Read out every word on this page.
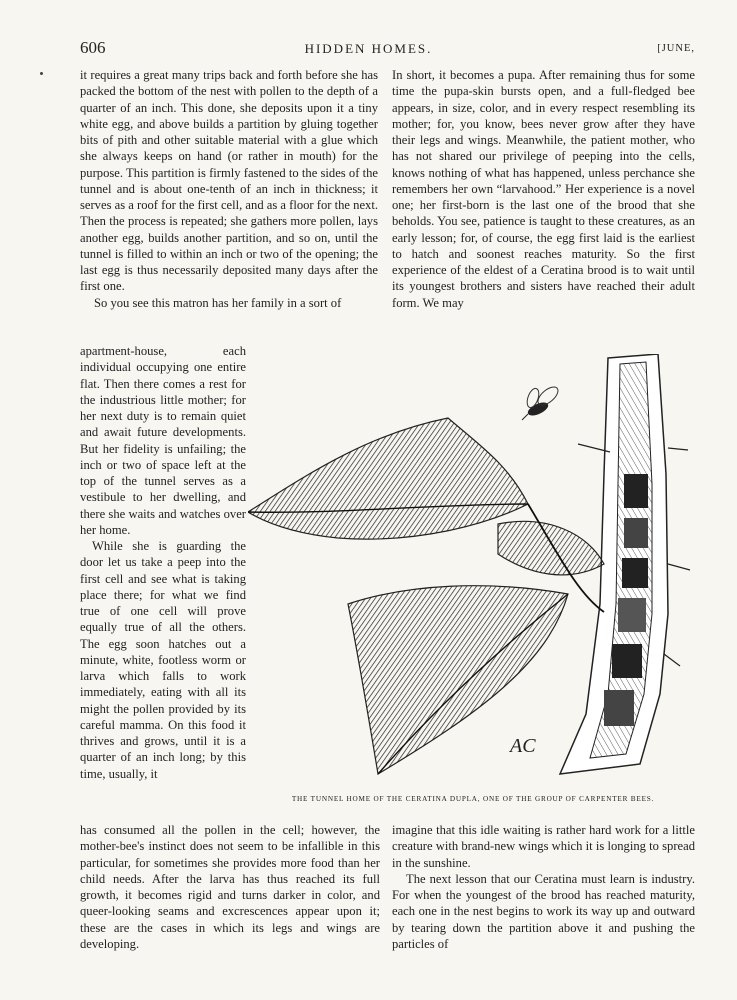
606	HIDDEN HOMES.	[JUNE,

it requires a great many trips back and forth before she has packed the bottom of the nest with pollen to the depth of a quarter of an inch. This done, she deposits upon it a tiny white egg, and above builds a partition by gluing together bits of pith and other suitable material with a glue which she always keeps on hand (or rather in mouth) for the purpose. This partition is firmly fastened to the sides of the tunnel and is about one-tenth of an inch in thickness; it serves as a roof for the first cell, and as a floor for the next. Then the process is repeated; she gathers more pollen, lays another egg, builds another partition, and so on, until the tunnel is filled to within an inch or two of the opening; the last egg is thus necessarily deposited many days after the first one.

So you see this matron has her family in a sort of

apartment-house, each individual occupying one entire flat. Then there comes a rest for the industrious little mother; for her next duty is to remain quiet and await future developments. But her fidelity is unfailing; the inch or two of space left at the top of the tunnel serves as a vestibule to her dwelling, and there she waits and watches over her home.

While she is guarding the door let us take a peep into the first cell and see what is taking place there; for what we find true of one cell will prove equally true of all the others. The egg soon hatches out a minute, white, footless worm or larva which falls to work immediately, eating with all its might the pollen provided by its careful mamma. On this food it thrives and grows, until it is a quarter of an inch long; by this time, usually, it

In short, it becomes a pupa. After remaining thus for some time the pupa-skin bursts open, and a full-fledged bee appears, in size, color, and in every respect resembling its mother; for, you know, bees never grow after they have their legs and wings. Meanwhile, the patient mother, who has not shared our privilege of peeping into the cells, knows nothing of what has happened, unless perchance she remembers her own “larvahood.” Her experience is a novel one; her first-born is the last one of the brood that she beholds. You see, patience is taught to these creatures, as an early lesson; for, of course, the egg first laid is the earliest to hatch and soonest reaches maturity. So the first experience of the eldest of a Ceratina brood is to wait until its youngest brothers and sisters have reached their adult form. We may

AC
THE TUNNEL HOME OF THE CERATINA DUPLA, ONE OF THE GROUP OF CARPENTER BEES.

has consumed all the pollen in the cell; however, the mother-bee's instinct does not seem to be infallible in this particular, for sometimes she provides more food than her child needs. After the larva has thus reached its full growth, it becomes rigid and turns darker in color, and queer-looking seams and excrescences appear upon it; these are the cases in which its legs and wings are developing.

imagine that this idle waiting is rather hard work for a little creature with brand-new wings which it is longing to spread in the sunshine.

The next lesson that our Ceratina must learn is industry. For when the youngest of the brood has reached maturity, each one in the nest begins to work its way up and outward by tearing down the partition above it and pushing the particles of
